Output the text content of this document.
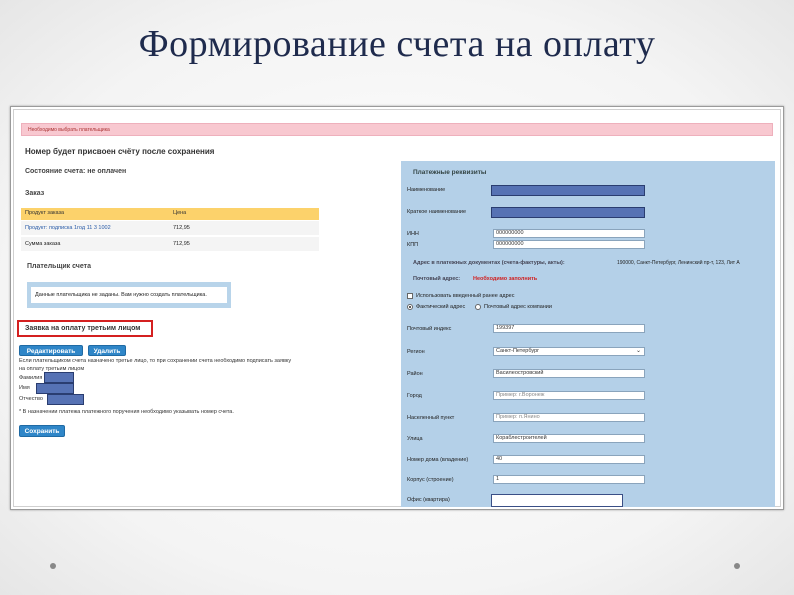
Формирование счета на оплату
Необходимо выбрать плательщика
Номер будет присвоен счёту после сохранения
Состояние счета: не оплачен
Заказ
Продукт заказа	Цена
Продукт: подписка 1год 11 3 1002	712,95
Сумма заказа	712,95
Плательщик счета
Данные плательщика не заданы. Вам нужно создать плательщика.
Заявка на оплату третьим лицом
Редактировать	Удалить
Если плательщиком счета назначено третье лицо, то при сохранении счета необходимо подписать заявку
на оплату третьим лицом
Фамилия
Имя
Отчество
* В назначении платежа платежного поручения необходимо указывать номер счета.
Сохранить
Платежные реквизиты
Наименование
Краткое наименование
ИНН	000000000
КПП	000000000
Адрес в платежных документах (счета-фактуры, акты):	190000, Санкт-Петербург, Ленинский пр-т, 123, Лит А
Почтовый адрес: Необходимо заполнить
Использовать введенный ранее адрес
Фактический адрес	Почтовый адрес компании
Почтовый индекс	199397
Регион	Санкт-Петербург	⌄
Район	Василеостровский
Город	Пример: г.Воронеж
Населенный пункт	Пример: п.Янино
Улица	Кораблестроителей
Номер дома (владение)	40
Корпус (строение)	1
Офис (квартира)
